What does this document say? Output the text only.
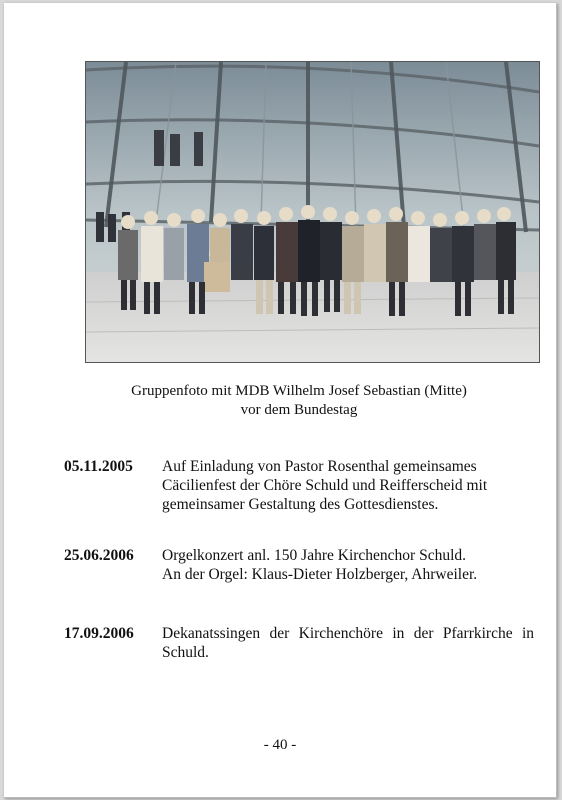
Gruppenfoto mit MDB Wilhelm Josef Sebastian (Mitte)
vor dem Bundestag
05.11.2005 Auf Einladung von Pastor Rosenthal gemeinsames
Cäcilienfest der Chöre Schuld und Reifferscheid mit
gemeinsamer Gestaltung des Gottesdienstes.
25.06.2006 Orgelkonzert anl. 150 Jahre Kirchenchor Schuld.
An der Orgel: Klaus-Dieter Holzberger, Ahrweiler.
17.09.2006 Dekanatssingen der Kirchenchöre in der Pfarrkirche in
Schuld.
- 40 -
